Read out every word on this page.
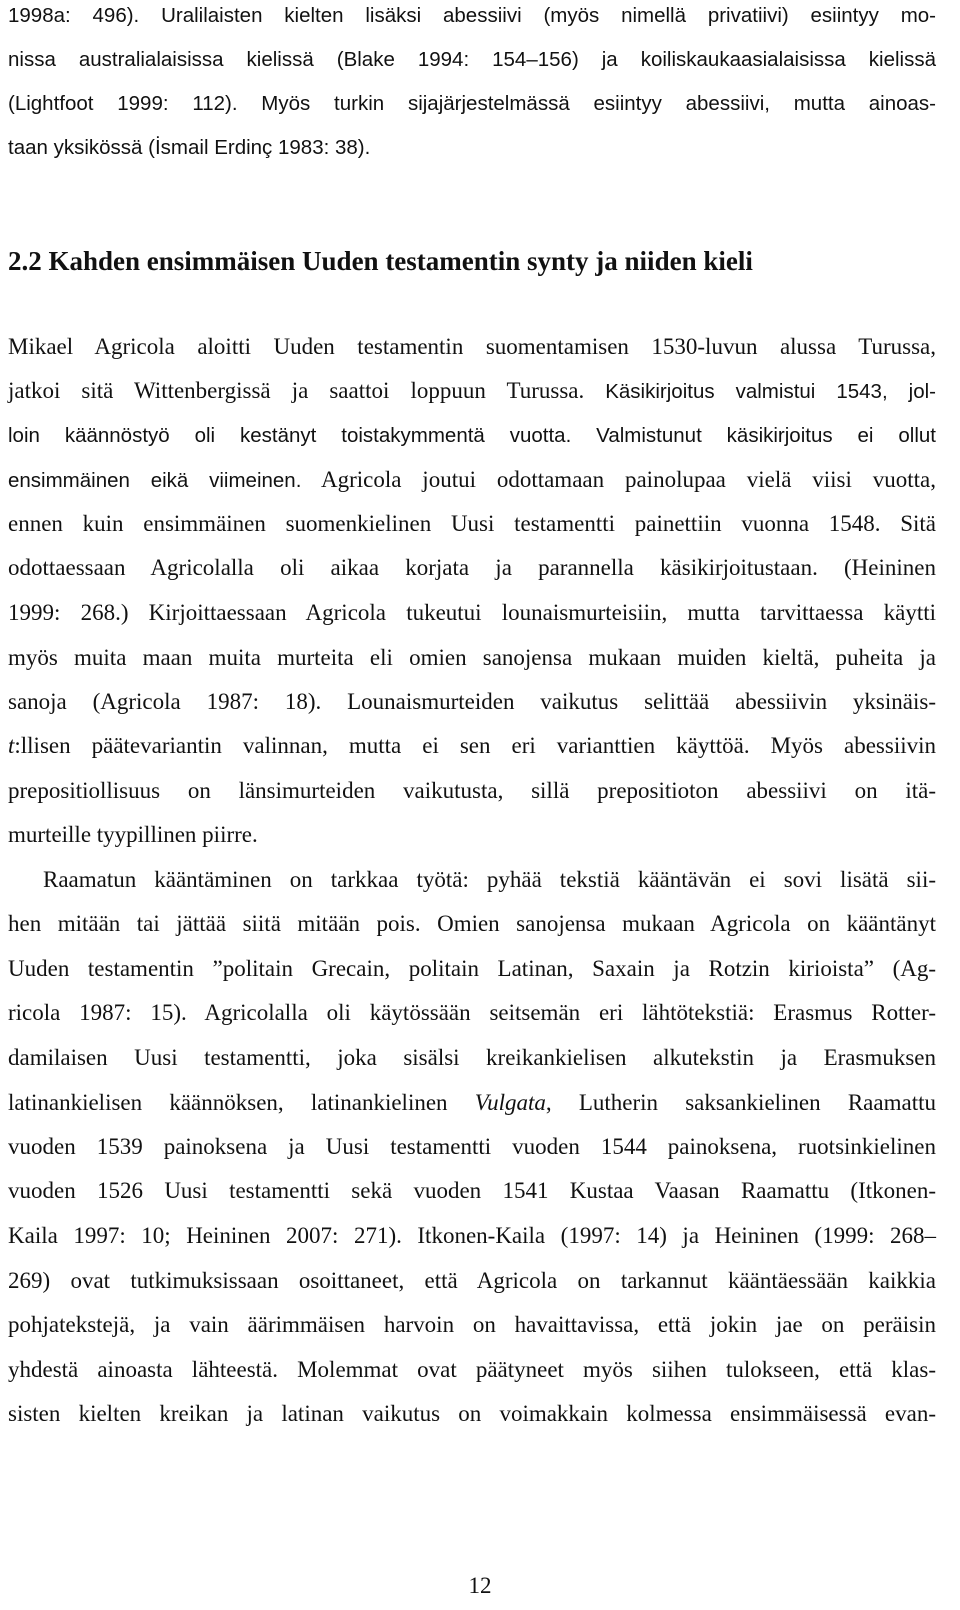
1998a: 496). Uralilaisten kielten lisäksi abessiivi (myös nimellä privatiivi) esiintyy mo-
nissa australialaisissa kielissä (Blake 1994: 154–156) ja koiliskaukaasialaisissa kielissä
(Lightfoot 1999: 112). Myös turkin sijajärjestelmässä esiintyy abessiivi, mutta ainoas-
taan yksikössä (İsmail Erdinç 1983: 38).
2.2 Kahden ensimmäisen Uuden testamentin synty ja niiden kieli
Mikael Agricola aloitti Uuden testamentin suomentamisen 1530-luvun alussa Turussa,
jatkoi sitä Wittenbergissä ja saattoi loppuun Turussa. Käsikirjoitus valmistui 1543, jol-
loin käännöstyö oli kestänyt toistakymmentä vuotta. Valmistunut käsikirjoitus ei ollut
ensimmäinen eikä viimeinen. Agricola joutui odottamaan painolupaa vielä viisi vuotta,
ennen kuin ensimmäinen suomenkielinen Uusi testamentti painettiin vuonna 1548. Sitä
odottaessaan Agricolalla oli aikaa korjata ja parannella käsikirjoitustaan. (Heininen
1999: 268.) Kirjoittaessaan Agricola tukeutui lounaismurteisiin, mutta tarvittaessa käytti
myös muita maan muita murteita eli omien sanojensa mukaan muiden kieltä, puheita ja
sanoja (Agricola 1987: 18). Lounaismurteiden vaikutus selittää abessiivin yksinäis-
t:llisen päätevariantin valinnan, mutta ei sen eri varianttien käyttöä. Myös abessiivin
prepositiollisuus on länsimurteiden vaikutusta, sillä prepositioton abessiivi on itä-
murteille tyypillinen piirre.
Raamatun kääntäminen on tarkkaa työtä: pyhää tekstiä kääntävän ei sovi lisätä sii-
hen mitään tai jättää siitä mitään pois. Omien sanojensa mukaan Agricola on kääntänyt
Uuden testamentin ”politain Grecain, politain Latinan, Saxain ja Rotzin kirioista” (Ag-
ricola 1987: 15). Agricolalla oli käytössään seitsemän eri lähtötekstiä: Erasmus Rotter-
damilaisen Uusi testamentti, joka sisälsi kreikankielisen alkutekstin ja Erasmuksen
latinankielisen käännöksen, latinankielinen Vulgata, Lutherin saksankielinen Raamattu
vuoden 1539 painoksena ja Uusi testamentti vuoden 1544 painoksena, ruotsinkielinen
vuoden 1526 Uusi testamentti sekä vuoden 1541 Kustaa Vaasan Raamattu (Itkonen-
Kaila 1997: 10; Heininen 2007: 271). Itkonen-Kaila (1997: 14) ja Heininen (1999: 268–
269) ovat tutkimuksissaan osoittaneet, että Agricola on tarkannut kääntäessään kaikkia
pohjatekstejä, ja vain äärimmäisen harvoin on havaittavissa, että jokin jae on peräisin
yhdestä ainoasta lähteestä. Molemmat ovat päätyneet myös siihen tulokseen, että klas-
sisten kielten kreikan ja latinan vaikutus on voimakkain kolmessa ensimmäisessä evan-
12
